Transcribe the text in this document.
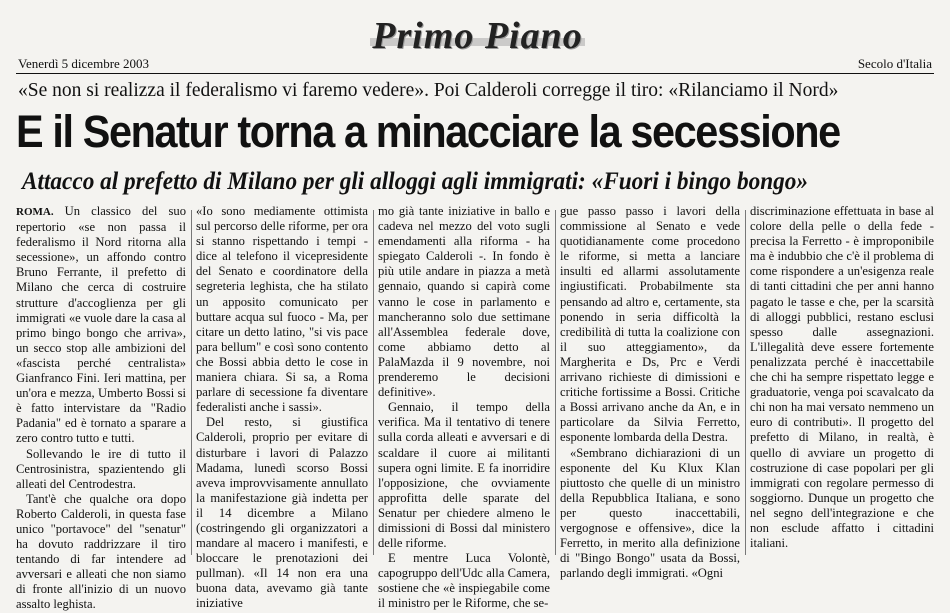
Venerdì 5 dicembre 2003
Primo Piano
Secolo d'Italia
«Se non si realizza il federalismo vi faremo vedere». Poi Calderoli corregge il tiro: «Rilanciamo il Nord»
E il Senatur torna a minacciare la secessione
Attacco al prefetto di Milano per gli alloggi agli immigrati: «Fuori i bingo bongo»

ROMA. Un classico del suo repertorio «se non passa il federalismo il Nord ritorna alla secessione», un affondo contro Bruno Ferrante, il prefetto di Milano che cerca di costruire strutture d'accoglienza per gli immigrati «e vuole dare la casa al primo bingo bongo che arriva», un secco stop alle ambizioni del «fascista perché centralista» Gianfranco Fini. Ieri mattina, per un'ora e mezza, Umberto Bossi si è fatto intervistare da "Radio Padania" ed è tornato a sparare a zero contro tutto e tutti.

Sollevando le ire di tutto il Centrosinistra, spazientendo gli alleati del Centrodestra.

Tant'è che qualche ora dopo Roberto Calderoli, in questa fase unico "portavoce" del "senatur" ha dovuto raddrizzare il tiro tentando di far intendere ad avversari e alleati che non siamo di fronte all'inizio di un nuovo assalto leghista.

«Io sono mediamente ottimista sul percorso delle riforme, per ora si stanno rispettando i tempi - dice al telefono il vicepresidente del Senato e coordinatore della segreteria leghista, che ha stilato un apposito comunicato per buttare acqua sul fuoco - Ma, per citare un detto latino, "si vis pace para bellum" e così sono contento che Bossi abbia detto le cose in maniera chiara. Si sa, a Roma parlare di secessione fa diventare federalisti anche i sassi».

Del resto, si giustifica Calderoli, proprio per evitare di disturbare i lavori di Palazzo Madama, lunedì scorso Bossi aveva improvvisamente annullato la manifestazione già indetta per il 14 dicembre a Milano (costringendo gli organizzatori a mandare al macero i manifesti, e bloccare le prenotazioni dei pullman). «Il 14 non era una buona data, avevamo già tante iniziative

mo già tante iniziative in ballo e cadeva nel mezzo del voto sugli emendamenti alla riforma - ha spiegato Calderoli -. In fondo è più utile andare in piazza a metà gennaio, quando si capirà come vanno le cose in parlamento e mancheranno solo due settimane all'Assemblea federale dove, come abbiamo detto al PalaMazda il 9 novembre, noi prenderemo le decisioni definitive».

Gennaio, il tempo della verifica. Ma il tentativo di tenere sulla corda alleati e avversari e di scaldare il cuore ai militanti supera ogni limite. E fa inorridire l'opposizione, che ovviamente approfitta delle sparate del Senatur per chiedere almeno le dimissioni di Bossi dal ministero delle riforme.

E mentre Luca Volontè, capogruppo dell'Udc alla Camera, sostiene che «è inspiegabile come il ministro per le Riforme, che se-

gue passo passo i lavori della commissione al Senato e vede quotidianamente come procedono le riforme, si metta a lanciare insulti ed allarmi assolutamente ingiustificati. Probabilmente sta pensando ad altro e, certamente, sta ponendo in seria difficoltà la credibilità di tutta la coalizione con il suo atteggiamento», da Margherita e Ds, Prc e Verdi arrivano richieste di dimissioni e critiche fortissime a Bossi. Critiche a Bossi arrivano anche da An, e in particolare da Silvia Ferretto, esponente lombarda della Destra.

«Sembrano dichiarazioni di un esponente del Ku Klux Klan piuttosto che quelle di un ministro della Repubblica Italiana, e sono per questo inaccettabili, vergognose e offensive», dice la Ferretto, in merito alla definizione di "Bingo Bongo" usata da Bossi, parlando degli immigrati. «Ogni

discriminazione effettuata in base al colore della pelle o della fede - precisa la Ferretto - è improponibile ma è indubbio che c'è il problema di come rispondere a un'esigenza reale di tanti cittadini che per anni hanno pagato le tasse e che, per la scarsità di alloggi pubblici, restano esclusi spesso dalle assegnazioni. L'illegalità deve essere fortemente penalizzata perché è inaccettabile che chi ha sempre rispettato legge e graduatorie, venga poi scavalcato da chi non ha mai versato nemmeno un euro di contributi». Il progetto del prefetto di Milano, in realtà, è quello di avviare un progetto di costruzione di case popolari per gli immigrati con regolare permesso di soggiorno. Dunque un progetto che nel segno dell'integrazione e che non esclude affatto i cittadini italiani.
